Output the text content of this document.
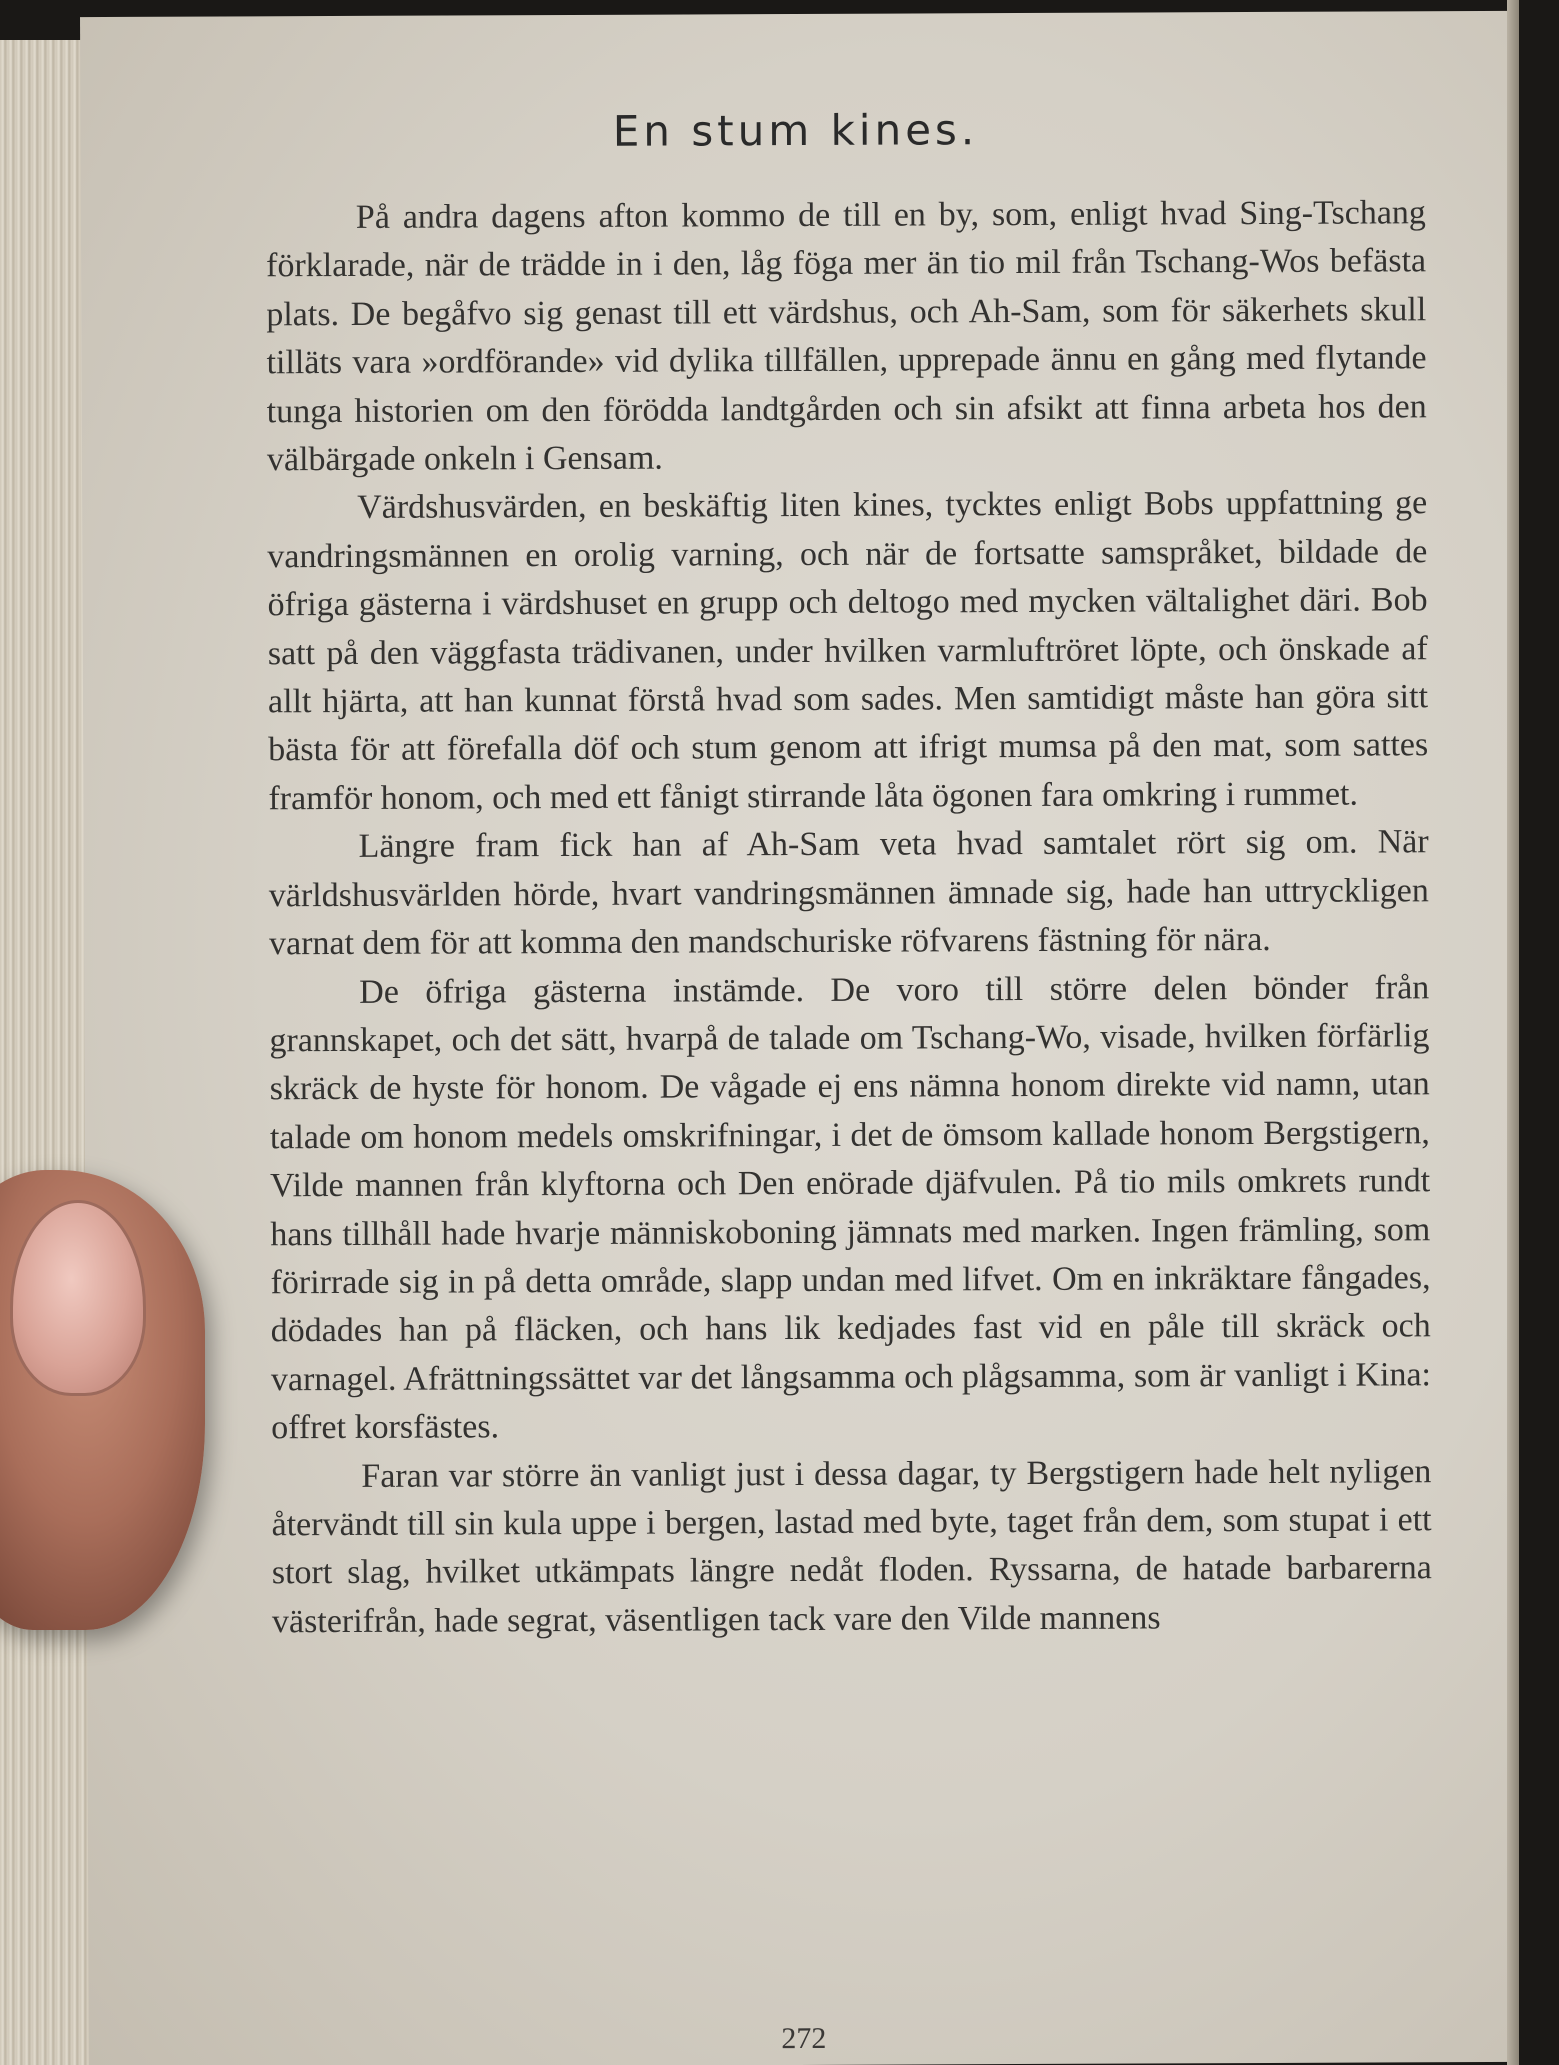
En stum kines.

På andra dagens afton kommo de till en by, som, enligt hvad Sing-Tschang förklarade, när de trädde in i den, låg föga mer än tio mil från Tschang-Wos befästa plats. De begåfvo sig genast till ett värdshus, och Ah-Sam, som för säkerhets skull tilläts vara »ordförande» vid dylika tillfällen, upprepade ännu en gång med flytande tunga historien om den förödda landtgården och sin afsikt att finna arbeta hos den välbärgade onkeln i Gensam.

Värdshusvärden, en beskäftig liten kines, tycktes enligt Bobs uppfattning ge vandringsmännen en orolig varning, och när de fortsatte samspråket, bildade de öfriga gästerna i värdshuset en grupp och deltogo med mycken vältalighet däri. Bob satt på den väggfasta trädivanen, under hvilken varmluftröret löpte, och önskade af allt hjärta, att han kunnat förstå hvad som sades. Men samtidigt måste han göra sitt bästa för att förefalla döf och stum genom att ifrigt mumsa på den mat, som sattes framför honom, och med ett fånigt stirrande låta ögonen fara omkring i rummet.

Längre fram fick han af Ah-Sam veta hvad samtalet rört sig om. När världshusvärlden hörde, hvart vandringsmännen ämnade sig, hade han uttryckligen varnat dem för att komma den mandschuriske röfvarens fästning för nära.

De öfriga gästerna instämde. De voro till större delen bönder från grannskapet, och det sätt, hvarpå de talade om Tschang-Wo, visade, hvilken förfärlig skräck de hyste för honom. De vågade ej ens nämna honom direkte vid namn, utan talade om honom medels omskrifningar, i det de ömsom kallade honom Bergstigern, Vilde mannen från klyftorna och Den enörade djäfvulen. På tio mils omkrets rundt hans tillhåll hade hvarje människoboning jämnats med marken. Ingen främling, som förirrade sig in på detta område, slapp undan med lifvet. Om en inkräktare fångades, dödades han på fläcken, och hans lik kedjades fast vid en påle till skräck och varnagel. Afrättningssättet var det långsamma och plågsamma, som är vanligt i Kina: offret korsfästes.

Faran var större än vanligt just i dessa dagar, ty Bergstigern hade helt nyligen återvändt till sin kula uppe i bergen, lastad med byte, taget från dem, som stupat i ett stort slag, hvilket utkämpats längre nedåt floden. Ryssarna, de hatade barbarerna västerifrån, hade segrat, väsentligen tack vare den Vilde mannens

272
